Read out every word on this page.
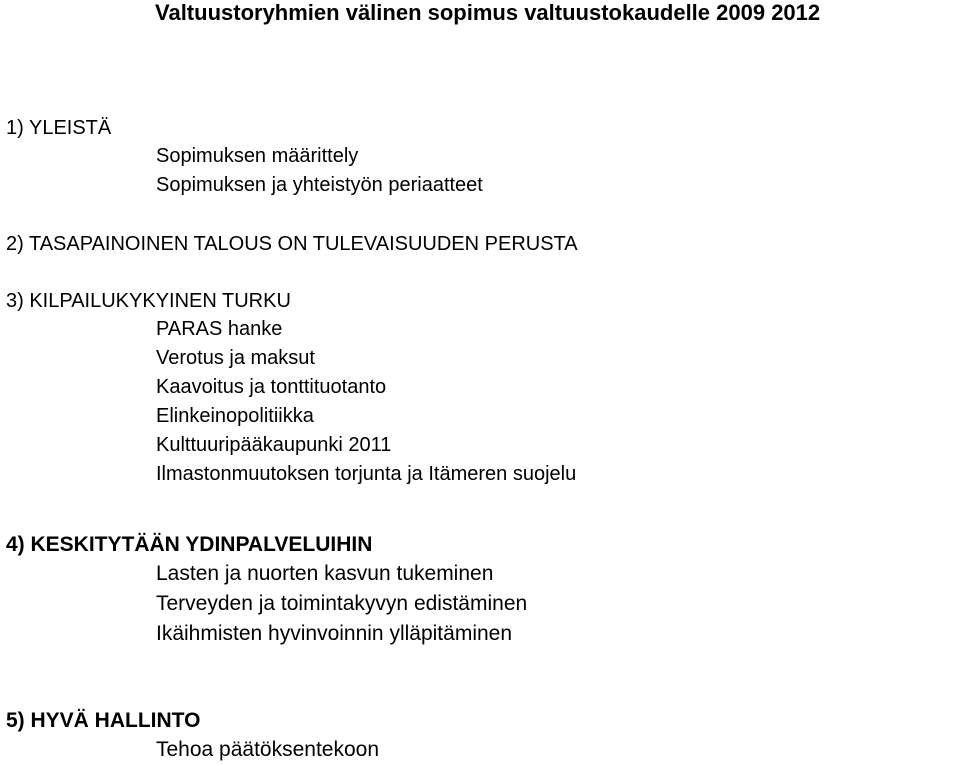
Valtuustoryhmien välinen sopimus valtuustokaudelle 2009 2012
1) YLEISTÄ
Sopimuksen määrittely
Sopimuksen ja yhteistyön periaatteet
2) TASAPAINOINEN TALOUS ON TULEVAISUUDEN PERUSTA
3) KILPAILUKYKYINEN TURKU
PARAS hanke
Verotus ja maksut
Kaavoitus ja tonttituotanto
Elinkeinopolitiikka
Kulttuuripääkaupunki 2011
Ilmastonmuutoksen torjunta ja Itämeren suojelu
4) KESKITYTÄÄN YDINPALVELUIHIN
Lasten ja nuorten kasvun tukeminen
Terveyden ja toimintakyvyn edistäminen
Ikäihmisten hyvinvoinnin ylläpitäminen
5) HYVÄ HALLINTO
Tehoa päätöksentekoon
